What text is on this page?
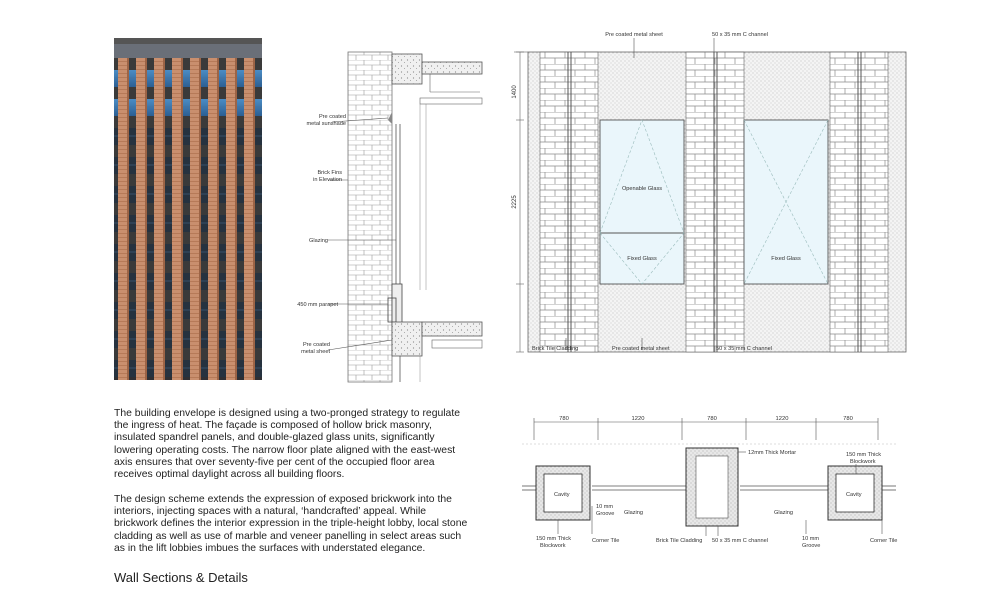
Pre coated
metal sunshade
Brick Fins
in Elevation
Glazing
450 mm parapet
Pre coated
metal sheet
1400
2225
Pre coated metal sheet	50 x 35 mm C channel
Openable Glass
Fixed Glass	Fixed Glass
Brick Tile Cladding	Pre coated metal sheet	50 x 35 mm C channel
780	1220	780	1220	780
12mm Thick Mortar	150 mm Thick
Blockwork
Cavity	Cavity
10 mm
Groove Glazing	Glazing
150 mm Thick
Blockwork
Corner Tile	Brick Tile Cladding 50 x 35 mm C channel	10 mm
Groove
Corner Tile

The building envelope is designed using a two-pronged strategy to regulate the ingress of heat. The façade is composed of hollow brick masonry, insulated spandrel panels, and double-glazed glass units, significantly lowering operating costs. The narrow floor plate aligned with the east-west axis ensures that over seventy-five per cent of the occupied floor area receives optimal daylight across all building floors.

The design scheme extends the expression of exposed brickwork into the interiors, injecting spaces with a natural, ‘handcrafted’ appeal. While brickwork defines the interior expression in the triple-height lobby, local stone cladding as well as use of marble and veneer panelling in select areas such as in the lift lobbies imbues the surfaces with understated elegance.

Wall Sections & Details
